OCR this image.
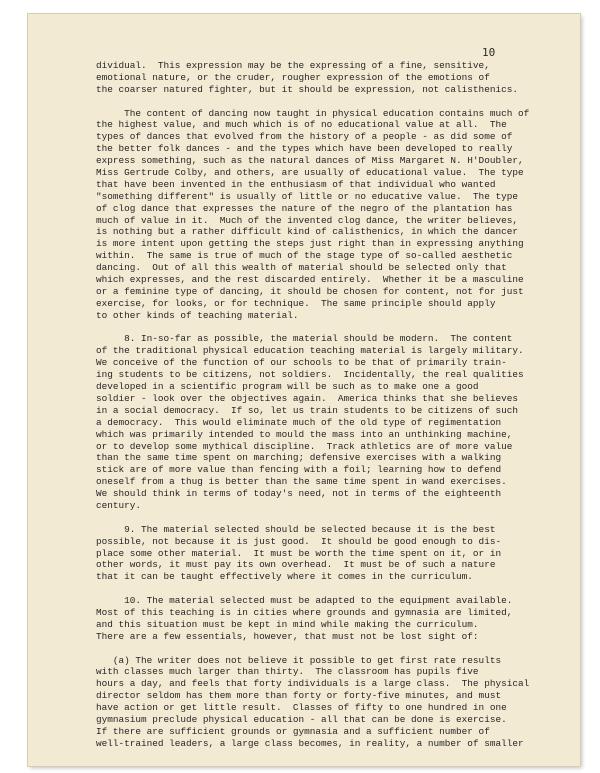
10
dividual.  This expression may be the expressing of a fine, sensitive,
emotional nature, or the cruder, rougher expression of the emotions of
the coarser natured fighter, but it should be expression, not calisthenics.
The content of dancing now taught in physical education contains much of
the highest value, and much which is of no educational value at all.  The
types of dances that evolved from the history of a people - as did some of
the better folk dances - and the types which have been developed to really
express something, such as the natural dances of Miss Margaret N. H'Doubler,
Miss Gertrude Colby, and others, are usually of educational value.  The type
that have been invented in the enthusiasm of that individual who wanted
"something different" is usually of little or no educative value.  The type
of clog dance that expresses the nature of the negro of the plantation has
much of value in it.  Much of the invented clog dance, the writer believes,
is nothing but a rather difficult kind of calisthenics, in which the dancer
is more intent upon getting the steps just right than in expressing anything
within.  The same is true of much of the stage type of so-called aesthetic
dancing.  Out of all this wealth of material should be selected only that
which expresses, and the rest discarded entirely.  Whether it be a masculine
or a feminine type of dancing, it should be chosen for content, not for just
exercise, for looks, or for technique.  The same principle should apply
to other kinds of teaching material.
8. In-so-far as possible, the material should be modern.  The content
of the traditional physical education teaching material is largely military.
We conceive of the function of our schools to be that of primarily train-
ing students to be citizens, not soldiers.  Incidentally, the real qualities
developed in a scientific program will be such as to make one a good
soldier - look over the objectives again.  America thinks that she believes
in a social democracy.  If so, let us train students to be citizens of such
a democracy.  This would eliminate much of the old type of regimentation
which was primarily intended to mould the mass into an unthinking machine,
or to develop some mythical discipline.  Track athletics are of more value
than the same time spent on marching; defensive exercises with a walking
stick are of more value than fencing with a foil; learning how to defend
oneself from a thug is better than the same time spent in wand exercises.
We should think in terms of today's need, not in terms of the eighteenth
century.
9. The material selected should be selected because it is the best
possible, not because it is just good.  It should be good enough to dis-
place some other material.  It must be worth the time spent on it, or in
other words, it must pay its own overhead.  It must be of such a nature
that it can be taught effectively where it comes in the curriculum.
10. The material selected must be adapted to the equipment available.
Most of this teaching is in cities where grounds and gymnasia are limited,
and this situation must be kept in mind while making the curriculum.
There are a few essentials, however, that must not be lost sight of:
(a) The writer does not believe it possible to get first rate results
with classes much larger than thirty.  The classroom has pupils five
hours a day, and feels that forty individuals is a large class.  The physical
director seldom has them more than forty or forty-five minutes, and must
have action or get little result.  Classes of fifty to one hundred in one
gymnasium preclude physical education - all that can be done is exercise.
If there are sufficient grounds or gymnasia and a sufficient number of
well-trained leaders, a large class becomes, in reality, a number of smaller
